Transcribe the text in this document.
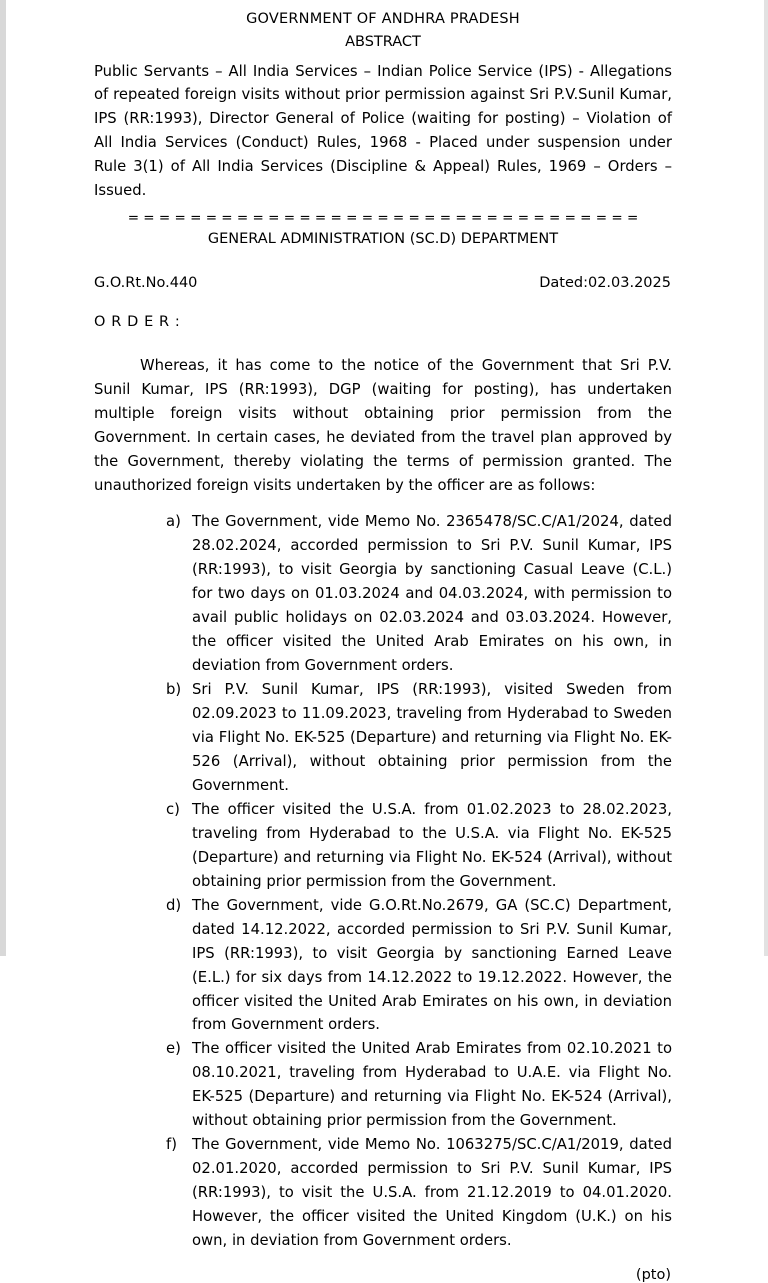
GOVERNMENT OF ANDHRA PRADESH
ABSTRACT
Public Servants – All India Services – Indian Police Service (IPS) - Allegations of repeated foreign visits without prior permission against Sri P.V.Sunil Kumar, IPS (RR:1993), Director General of Police (waiting for posting) – Violation of All India Services (Conduct) Rules, 1968 - Placed under suspension under Rule 3(1) of All India Services (Discipline & Appeal) Rules, 1969 – Orders – Issued.
= = = = = = = = = = = = = = = = = = = = = = = = = = = = = = = = =
GENERAL ADMINISTRATION (SC.D) DEPARTMENT
G.O.Rt.No.440	Dated:02.03.2025
O R D E R :
Whereas, it has come to the notice of the Government that Sri P.V. Sunil Kumar, IPS (RR:1993), DGP (waiting for posting), has undertaken multiple foreign visits without obtaining prior permission from the Government. In certain cases, he deviated from the travel plan approved by the Government, thereby violating the terms of permission granted. The unauthorized foreign visits undertaken by the officer are as follows:
a) The Government, vide Memo No. 2365478/SC.C/A1/2024, dated 28.02.2024, accorded permission to Sri P.V. Sunil Kumar, IPS (RR:1993), to visit Georgia by sanctioning Casual Leave (C.L.) for two days on 01.03.2024 and 04.03.2024, with permission to avail public holidays on 02.03.2024 and 03.03.2024. However, the officer visited the United Arab Emirates on his own, in deviation from Government orders.
b) Sri P.V. Sunil Kumar, IPS (RR:1993), visited Sweden from 02.09.2023 to 11.09.2023, traveling from Hyderabad to Sweden via Flight No. EK-525 (Departure) and returning via Flight No. EK-526 (Arrival), without obtaining prior permission from the Government.
c) The officer visited the U.S.A. from 01.02.2023 to 28.02.2023, traveling from Hyderabad to the U.S.A. via Flight No. EK-525 (Departure) and returning via Flight No. EK-524 (Arrival), without obtaining prior permission from the Government.
d) The Government, vide G.O.Rt.No.2679, GA (SC.C) Department, dated 14.12.2022, accorded permission to Sri P.V. Sunil Kumar, IPS (RR:1993), to visit Georgia by sanctioning Earned Leave (E.L.) for six days from 14.12.2022 to 19.12.2022. However, the officer visited the United Arab Emirates on his own, in deviation from Government orders.
e) The officer visited the United Arab Emirates from 02.10.2021 to 08.10.2021, traveling from Hyderabad to U.A.E. via Flight No. EK-525 (Departure) and returning via Flight No. EK-524 (Arrival), without obtaining prior permission from the Government.
f)	The Government, vide Memo No. 1063275/SC.C/A1/2019, dated 02.01.2020, accorded permission to Sri P.V. Sunil Kumar, IPS (RR:1993), to visit the U.S.A. from 21.12.2019 to 04.01.2020. However, the officer visited the United Kingdom (U.K.) on his own, in deviation from Government orders.
(pto)
